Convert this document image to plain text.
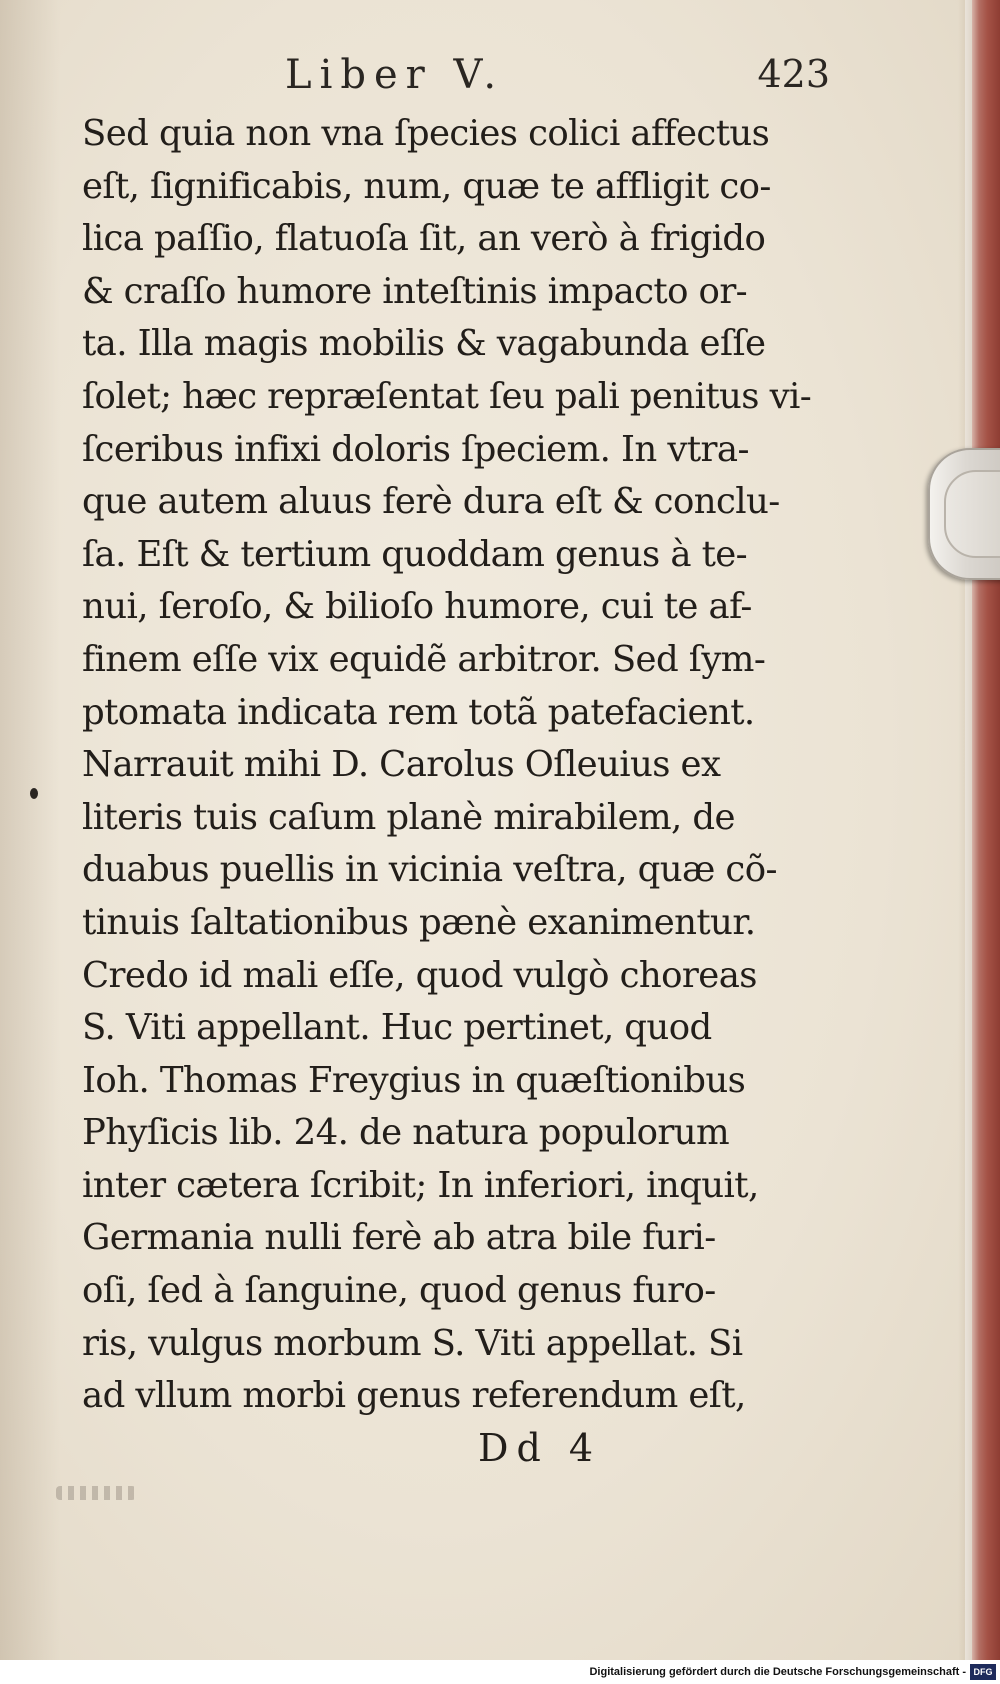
Liber V.	423
Sed quia non vna ſpecies colici affectus
eſt, ſignificabis, num, quæ te affligit co-
lica paſſio, flatuoſa ſit, an verò à frigido
& craſſo humore inteſtinis impacto or-
ta. Illa magis mobilis & vagabunda eſſe
ſolet; hæc repræſentat ſeu pali penitus vi-
ſceribus infixi doloris ſpeciem. In vtra-
que autem aluus ferè dura eſt & conclu-
ſa. Eſt & tertium quoddam genus à te-
nui, ſeroſo, & bilioſo humore, cui te af-
finem eſſe vix equidẽ arbitror. Sed ſym-
ptomata indicata rem totã patefacient.
Narrauit mihi D. Carolus Oſleuius ex
literis tuis caſum planè mirabilem, de
duabus puellis in vicinia veſtra, quæ cõ-
tinuis ſaltationibus pænè exanimentur.
Credo id mali eſſe, quod vulgò choreas
S. Viti appellant. Huc pertinet, quod
Ioh. Thomas Freygius in quæſtionibus
Phyſicis lib. 24. de natura populorum
inter cætera ſcribit; In inferiori, inquit,
Germania nulli ferè ab atra bile furi-
oſi, ſed à ſanguine, quod genus furo-
ris, vulgus morbum S. Viti appellat. Si
ad vllum morbi genus referendum eſt,
Dd 4
Digitalisierung gefördert durch die Deutsche Forschungsgemeinschaft - DFG
